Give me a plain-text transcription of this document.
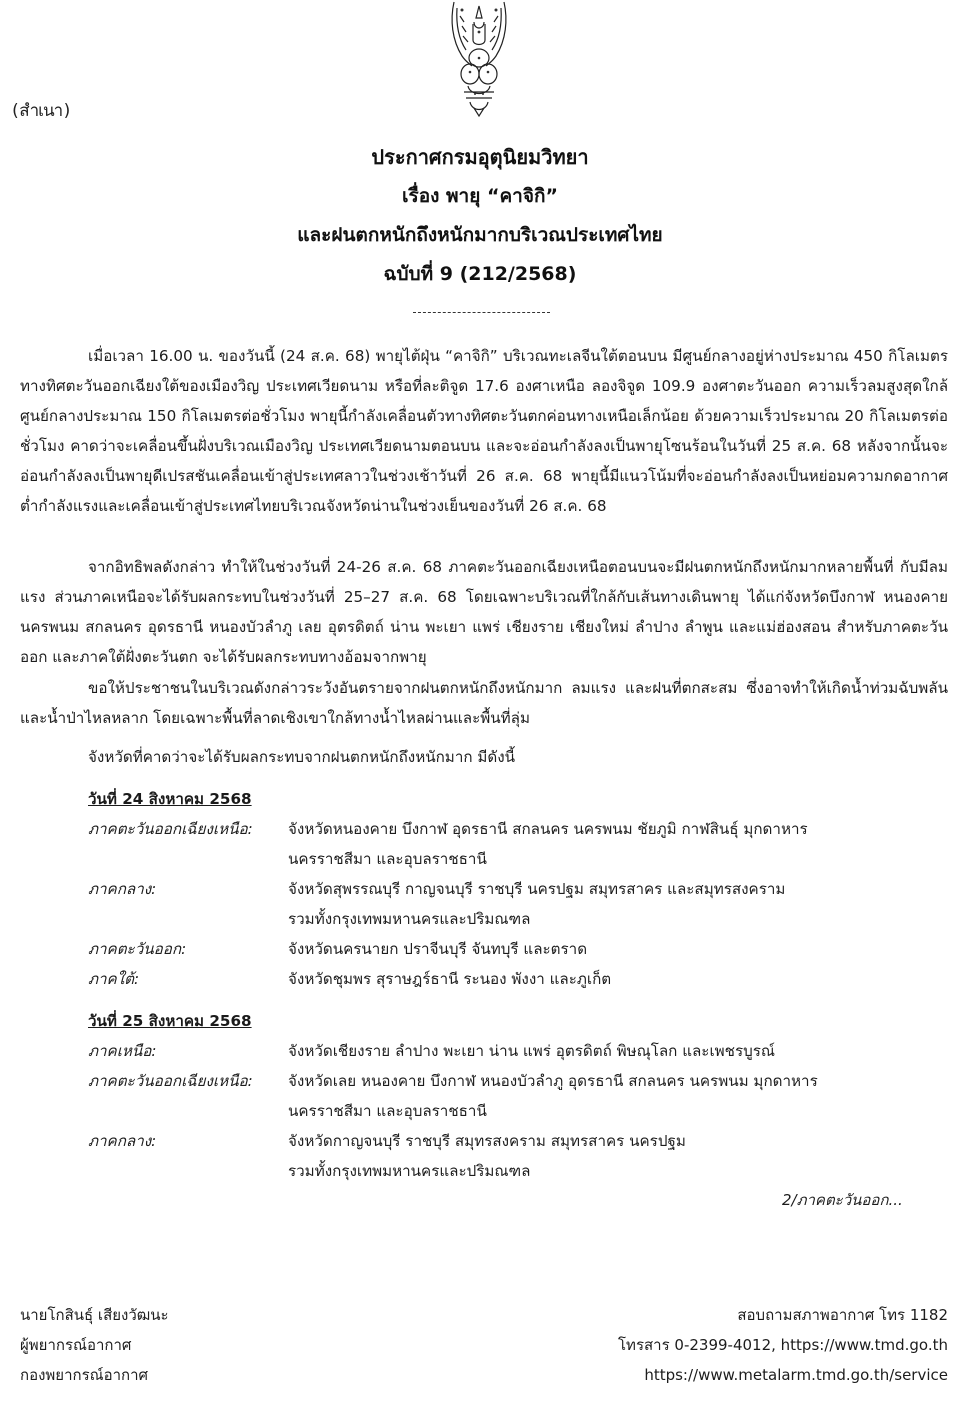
(สำเนา)
ประกาศกรมอุตุนิยมวิทยา
เรื่อง พายุ “คาจิกิ”
และฝนตกหนักถึงหนักมากบริเวณประเทศไทย
ฉบับที่ 9 (212/2568)

เมื่อเวลา 16.00 น. ของวันนี้ (24 ส.ค. 68) พายุไต้ฝุ่น “คาจิกิ” บริเวณทะเลจีนใต้ตอนบน มีศูนย์กลางอยู่ห่างประมาณ 450 กิโลเมตร ทางทิศตะวันออกเฉียงใต้ของเมืองวิญ ประเทศเวียดนาม หรือที่ละติจูด 17.6 องศาเหนือ ลองจิจูด 109.9 องศาตะวันออก ความเร็วลมสูงสุดใกล้ศูนย์กลางประมาณ 150 กิโลเมตรต่อชั่วโมง พายุนี้กำลังเคลื่อนตัวทางทิศตะวันตกค่อนทางเหนือเล็กน้อย ด้วยความเร็วประมาณ 20 กิโลเมตรต่อชั่วโมง คาดว่าจะเคลื่อนขึ้นฝั่งบริเวณเมืองวิญ ประเทศเวียดนามตอนบน และจะอ่อนกำลังลงเป็นพายุโซนร้อนในวันที่ 25 ส.ค. 68 หลังจากนั้นจะอ่อนกำลังลงเป็นพายุดีเปรสชันเคลื่อนเข้าสู่ประเทศลาวในช่วงเช้าวันที่ 26 ส.ค. 68 พายุนี้มีแนวโน้มที่จะอ่อนกำลังลงเป็นหย่อมความกดอากาศต่ำกำลังแรงและเคลื่อนเข้าสู่ประเทศไทยบริเวณจังหวัดน่านในช่วงเย็นของวันที่ 26 ส.ค. 68

จากอิทธิพลดังกล่าว ทำให้ในช่วงวันที่ 24-26 ส.ค. 68 ภาคตะวันออกเฉียงเหนือตอนบนจะมีฝนตกหนักถึงหนักมากหลายพื้นที่ กับมีลมแรง ส่วนภาคเหนือจะได้รับผลกระทบในช่วงวันที่ 25–27 ส.ค. 68 โดยเฉพาะบริเวณที่ใกล้กับเส้นทางเดินพายุ ได้แก่จังหวัดบึงกาฬ หนองคาย นครพนม สกลนคร อุดรธานี หนองบัวลำภู เลย อุตรดิตถ์ น่าน พะเยา แพร่ เชียงราย เชียงใหม่ ลำปาง ลำพูน และแม่ฮ่องสอน สำหรับภาคตะวันออก และภาคใต้ฝั่งตะวันตก จะได้รับผลกระทบทางอ้อมจากพายุ

ขอให้ประชาชนในบริเวณดังกล่าวระวังอันตรายจากฝนตกหนักถึงหนักมาก ลมแรง และฝนที่ตกสะสม ซึ่งอาจทำให้เกิดน้ำท่วมฉับพลัน และน้ำป่าไหลหลาก โดยเฉพาะพื้นที่ลาดเชิงเขาใกล้ทางน้ำไหลผ่านและพื้นที่ลุ่ม

จังหวัดที่คาดว่าจะได้รับผลกระทบจากฝนตกหนักถึงหนักมาก มีดังนี้
วันที่ 24 สิงหาคม 2568
ภาคตะวันออกเฉียงเหนือ:	จังหวัดหนองคาย บึงกาฬ อุดรธานี สกลนคร นครพนม ชัยภูมิ กาฬสินธุ์ มุกดาหาร
นครราชสีมา และอุบลราชธานี
ภาคกลาง:	จังหวัดสุพรรณบุรี กาญจนบุรี ราชบุรี นครปฐม สมุทรสาคร และสมุทรสงคราม
รวมทั้งกรุงเทพมหานครและปริมณฑล
ภาคตะวันออก:	จังหวัดนครนายก ปราจีนบุรี จันทบุรี และตราด
ภาคใต้:	จังหวัดชุมพร สุราษฎร์ธานี ระนอง พังงา และภูเก็ต
วันที่ 25 สิงหาคม 2568
ภาคเหนือ:	จังหวัดเชียงราย ลำปาง พะเยา น่าน แพร่ อุตรดิตถ์ พิษณุโลก และเพชรบูรณ์
ภาคตะวันออกเฉียงเหนือ:	จังหวัดเลย หนองคาย บึงกาฬ หนองบัวลำภู อุดรธานี สกลนคร นครพนม มุกดาหาร
นครราชสีมา และอุบลราชธานี
ภาคกลาง:	จังหวัดกาญจนบุรี ราชบุรี สมุทรสงคราม สมุทรสาคร นครปฐม
รวมทั้งกรุงเทพมหานครและปริมณฑล
2/ภาคตะวันออก...
นายโกสินธุ์ เสียงวัฒนะ
ผู้พยากรณ์อากาศ
กองพยากรณ์อากาศ
สอบถามสภาพอากาศ โทร 1182
โทรสาร 0-2399-4012, https://www.tmd.go.th
https://www.metalarm.tmd.go.th/service
